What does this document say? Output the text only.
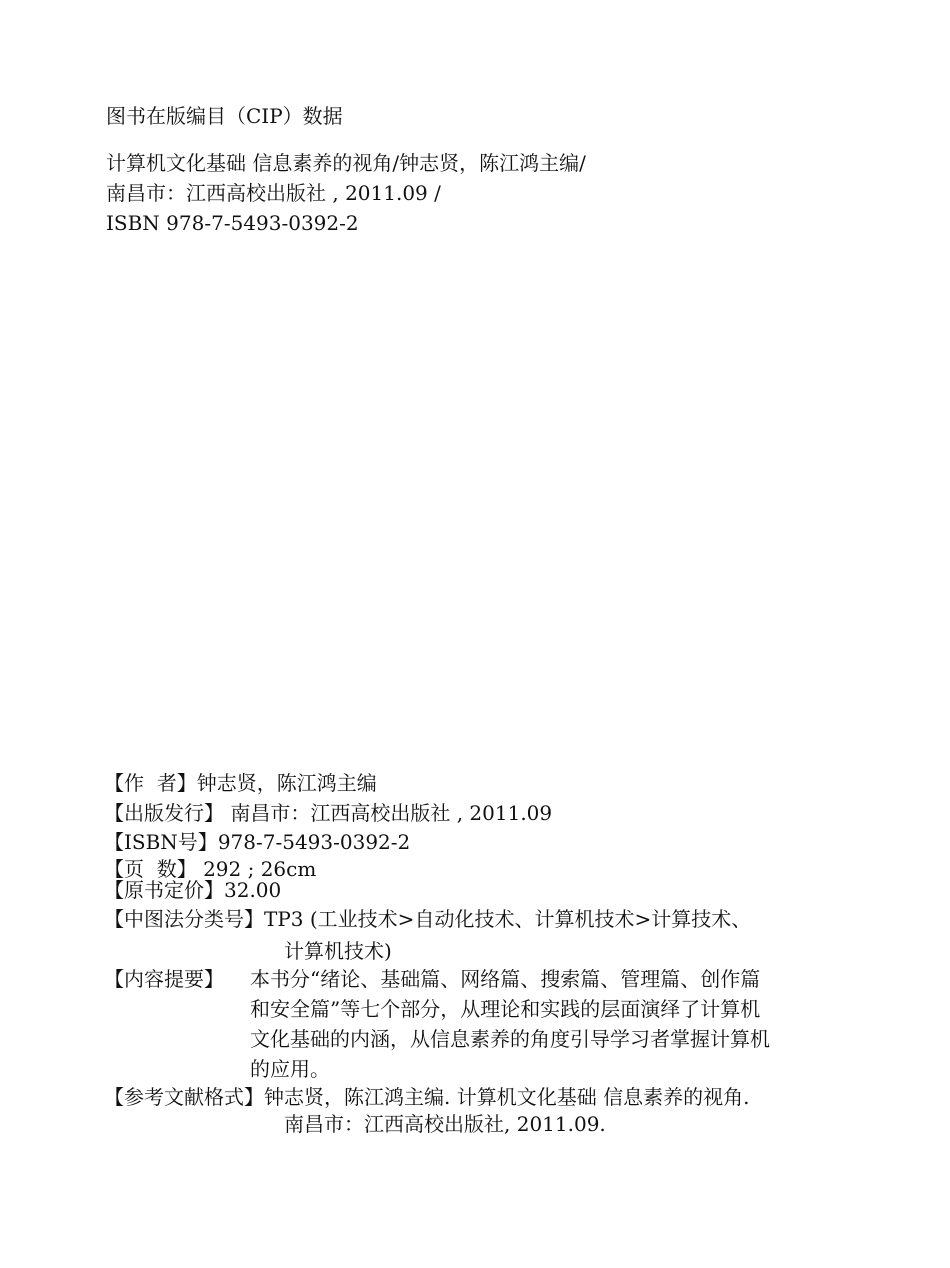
图书在版编目（CIP）数据
计算机文化基础 信息素养的视角/钟志贤，陈江鸿主编/
南昌市：江西高校出版社 , 2011.09 /
ISBN 978-7-5493-0392-2
【作  者】 钟志贤，陈江鸿主编
【出版发行】 南昌市：江西高校出版社 , 2011.09
【ISBN号】 978-7-5493-0392-2
【页  数】 292 ; 26cm
【原书定价】 32.00
【中图法分类号】 TP3 (工业技术>自动化技术、计算机技术>计算技术、
计算机技术)
【内容提要】	本书分“绪论、基础篇、网络篇、搜索篇、管理篇、创作篇
和安全篇”等七个部分，从理论和实践的层面演绎了计算机
文化基础的内涵，从信息素养的角度引导学习者掌握计算机
的应用。
【参考文献格式】 钟志贤，陈江鸿主编. 计算机文化基础 信息素养的视角.
南昌市：江西高校出版社, 2011.09.
